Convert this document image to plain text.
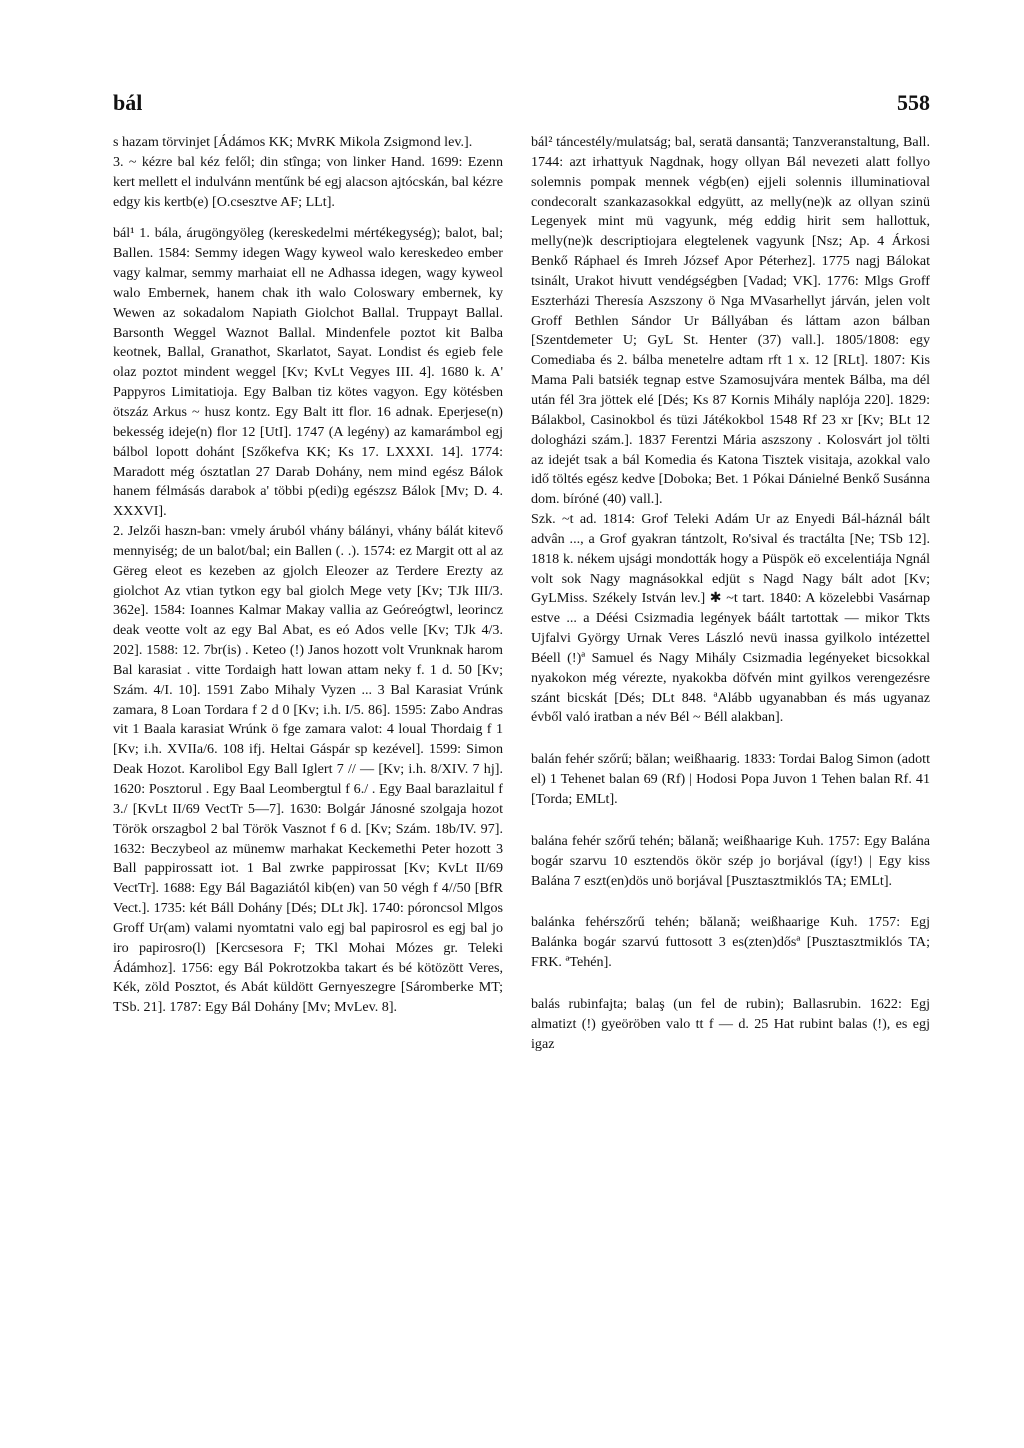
bál	558

s hazam törvinjet [Ádámos KK; MvRK Mikola Zsigmond lev.].

3. ~ kézre bal kéz felől; din stînga; von linker Hand. 1699: Ezenn kert mellett el indulvánn mentűnk bé egj alacson ajtócskán, bal kézre edgy kis kertb(e) [O.csesztve AF; LLt].

bál¹ 1. bála, árugöngyöleg (kereskedelmi mértékegység); balot, bal; Ballen. 1584: Semmy idegen Wagy kyweol walo kereskedeo ember vagy kalmar, semmy marhaiat ell ne Adhassa idegen, wagy kyweol walo Embernek, hanem chak ith walo Coloswary embernek, ky Wewen az sokadalom Napiath Giolchot Ballal. Truppayt Ballal. Barsonth Weggel Waznot Ballal. Mindenfele poztot kit Balba keotnek, Ballal, Granathot, Skarlatot, Sayat. Londist és egieb fele olaz poztot mindent weggel [Kv; KvLt Vegyes III. 4]. 1680 k. A' Pappyros Limitatioja. Egy Balban tiz kötes vagyon. Egy kötésben ötszáz Arkus ~ husz kontz. Egy Balt itt flor. 16 adnak. Eperjese(n) bekesség ideje(n) flor 12 [UtI]. 1747 (A legény) az kamarámbol egj bálbol lopott dohánt [Szőkefva KK; Ks 17. LXXXI. 14]. 1774: Maradott még ósztatlan 27 Darab Dohány, nem mind egész Bálok hanem félmásás darabok a' többi p(edi)g egészsz Bálok [Mv; D. 4. XXXVI].

2. Jelzői haszn-ban: vmely áruból vhány bálányi, vhány bálát kitevő mennyiség; de un balot/bal; ein Ballen (. .). 1574: ez Margit ott al az Gëreg eleot es kezeben az gjolch Eleozer az Terdere Erezty az giolchot Az vtian tytkon egy bal giolch Mege vety [Kv; TJk III/3. 362e]. 1584: Ioannes Kalmar Makay vallia az Geóreógtwl, leorincz deak veotte volt az egy Bal Abat, es eó Ados velle [Kv; TJk 4/3. 202]. 1588: 12. 7br(is) . Keteo (!) Janos hozott volt Vrunknak harom Bal karasiat . vitte Tordaigh hatt lowan attam neky f. 1 d. 50 [Kv; Szám. 4/I. 10]. 1591 Zabo Mihaly Vyzen ... 3 Bal Karasiat Vrúnk zamara, 8 Loan Tordara f 2 d 0 [Kv; i.h. I/5. 86]. 1595: Zabo Andras vit 1 Baala karasiat Wrúnk ö fge zamara valot: 4 loual Thordaig f 1 [Kv; i.h. XVIIa/6. 108 ifj. Heltai Gáspár sp kezével]. 1599: Simon Deak Hozot. Karolibol Egy Ball Iglert 7 // — [Kv; i.h. 8/XIV. 7 hj]. 1620: Posztorul . Egy Baal Leombergtul f 6./ . Egy Baal barazlaitul f 3./ [KvLt II/69 VectTr 5—7]. 1630: Bolgár Jánosné szolgaja hozot Török orszagbol 2 bal Török Vasznot f 6 d. [Kv; Szám. 18b/IV. 97]. 1632: Beczybeol az münemw marhakat Keckemethi Peter hozott 3 Ball pappirossatt iot. 1 Bal zwrke pappirossat [Kv; KvLt II/69 VectTr]. 1688: Egy Bál Bagaziától kib(en) van 50 végh f 4//50 [BfR Vect.]. 1735: két Báll Dohány [Dés; DLt Jk]. 1740: póroncsol Mlgos Groff Ur(am) valami nyomtatni valo egj bal papirosrol es egj bal jo iro papirosro(l) [Kercsesora F; TKl Mohai Mózes gr. Teleki Ádámhoz]. 1756: egy Bál Pokrotzokba takart és bé kötözött Veres, Kék, zöld Posztot, és Abát küldött Gernyeszegre [Sáromberke MT; TSb. 21]. 1787: Egy Bál Dohány [Mv; MvLev. 8].

bál² táncestély/mulatság; bal, seratä dansantä; Tanzveranstaltung, Ball. 1744: azt irhattyuk Nagdnak, hogy ollyan Bál nevezeti alatt follyo solemnis pompak mennek végb(en) ejjeli solennis illuminatioval condecoralt szankazasokkal edgyütt, az melly(ne)k az ollyan szinü Legenyek mint mü vagyunk, még eddig hirit sem hallottuk, melly(ne)k descriptiojara elegtelenek vagyunk [Nsz; Ap. 4 Árkosi Benkő Ráphael és Imreh József Apor Péterhez]. 1775 nagj Bálokat tsinált, Urakot hivutt vendégségben [Vadad; VK]. 1776: Mlgs Groff Eszterházi Theresía Aszszony ö Nga MVasarhellyt járván, jelen volt Groff Bethlen Sándor Ur Bállyában és láttam azon bálban [Szentdemeter U; GyL St. Henter (37) vall.]. 1805/1808: egy Comediaba és 2. bálba menetelre adtam rft 1 x. 12 [RLt]. 1807: Kis Mama Pali batsiék tegnap estve Szamosujvára mentek Bálba, ma dél után fél 3ra jöttek elé [Dés; Ks 87 Kornis Mihály naplója 220]. 1829: Bálakbol, Casinokbol és tüzi Játékokbol 1548 Rf 23 xr [Kv; BLt 12 dologházi szám.]. 1837 Ferentzi Mária aszszony . Kolosvárt jol tölti az idejét tsak a bál Komedia és Katona Tisztek visitaja, azokkal valo idő töltés egész kedve [Doboka; Bet. 1 Pókai Dánielné Benkő Susánna dom. bíróné (40) vall.].

Szk. ~t ad. 1814: Grof Teleki Adám Ur az Enyedi Bál-háznál bált advân ..., a Grof gyakran tántzolt, Ro'sival és tractálta [Ne; TSb 12]. 1818 k. nékem ujsági mondották hogy a Püspök eö excelentiája Ngnál volt sok Nagy magnásokkal edjüt s Nagd Nagy bált adot [Kv; GyLMiss. Székely István lev.] ✱ ~t tart. 1840: A közelebbi Vasárnap estve ... a Déési Csizmadia legények báált tartottak — mikor Tkts Ujfalvi György Urnak Veres László nevü inassa gyilkolo intézettel Béell (!)ª Samuel és Nagy Mihály Csizmadia legényeket bicsokkal nyakokon még vérezte, nyakokba döfvén mint gyilkos verengezésre szánt bicskát [Dés; DLt 848. ªAlább ugyanabban és más ugyanaz évből való iratban a név Bél ~ Béll alakban].

balán fehér szőrű; bălan; weißhaarig. 1833: Tordai Balog Simon (adott el) 1 Tehenet balan 69 (Rf) | Hodosi Popa Juvon 1 Tehen balan Rf. 41 [Torda; EMLt].

balána fehér szőrű tehén; bălană; weißhaarige Kuh. 1757: Egy Balána bogár szarvu 10 esztendös ökör szép jo borjával (így!) | Egy kiss Balána 7 eszt(en)dös unö borjával [Pusztasztmiklós TA; EMLt].

balánka fehérszőrű tehén; bălană; weißhaarige Kuh. 1757: Egj Balánka bogár szarvú futtosott 3 es(zten)dősª [Pusztasztmiklós TA; FRK. ªTehén].

balás rubinfajta; balaş (un fel de rubin); Ballasrubin. 1622: Egj almatizt (!) gyeöröben valo tt f — d. 25 Hat rubint balas (!), es egj igaz
